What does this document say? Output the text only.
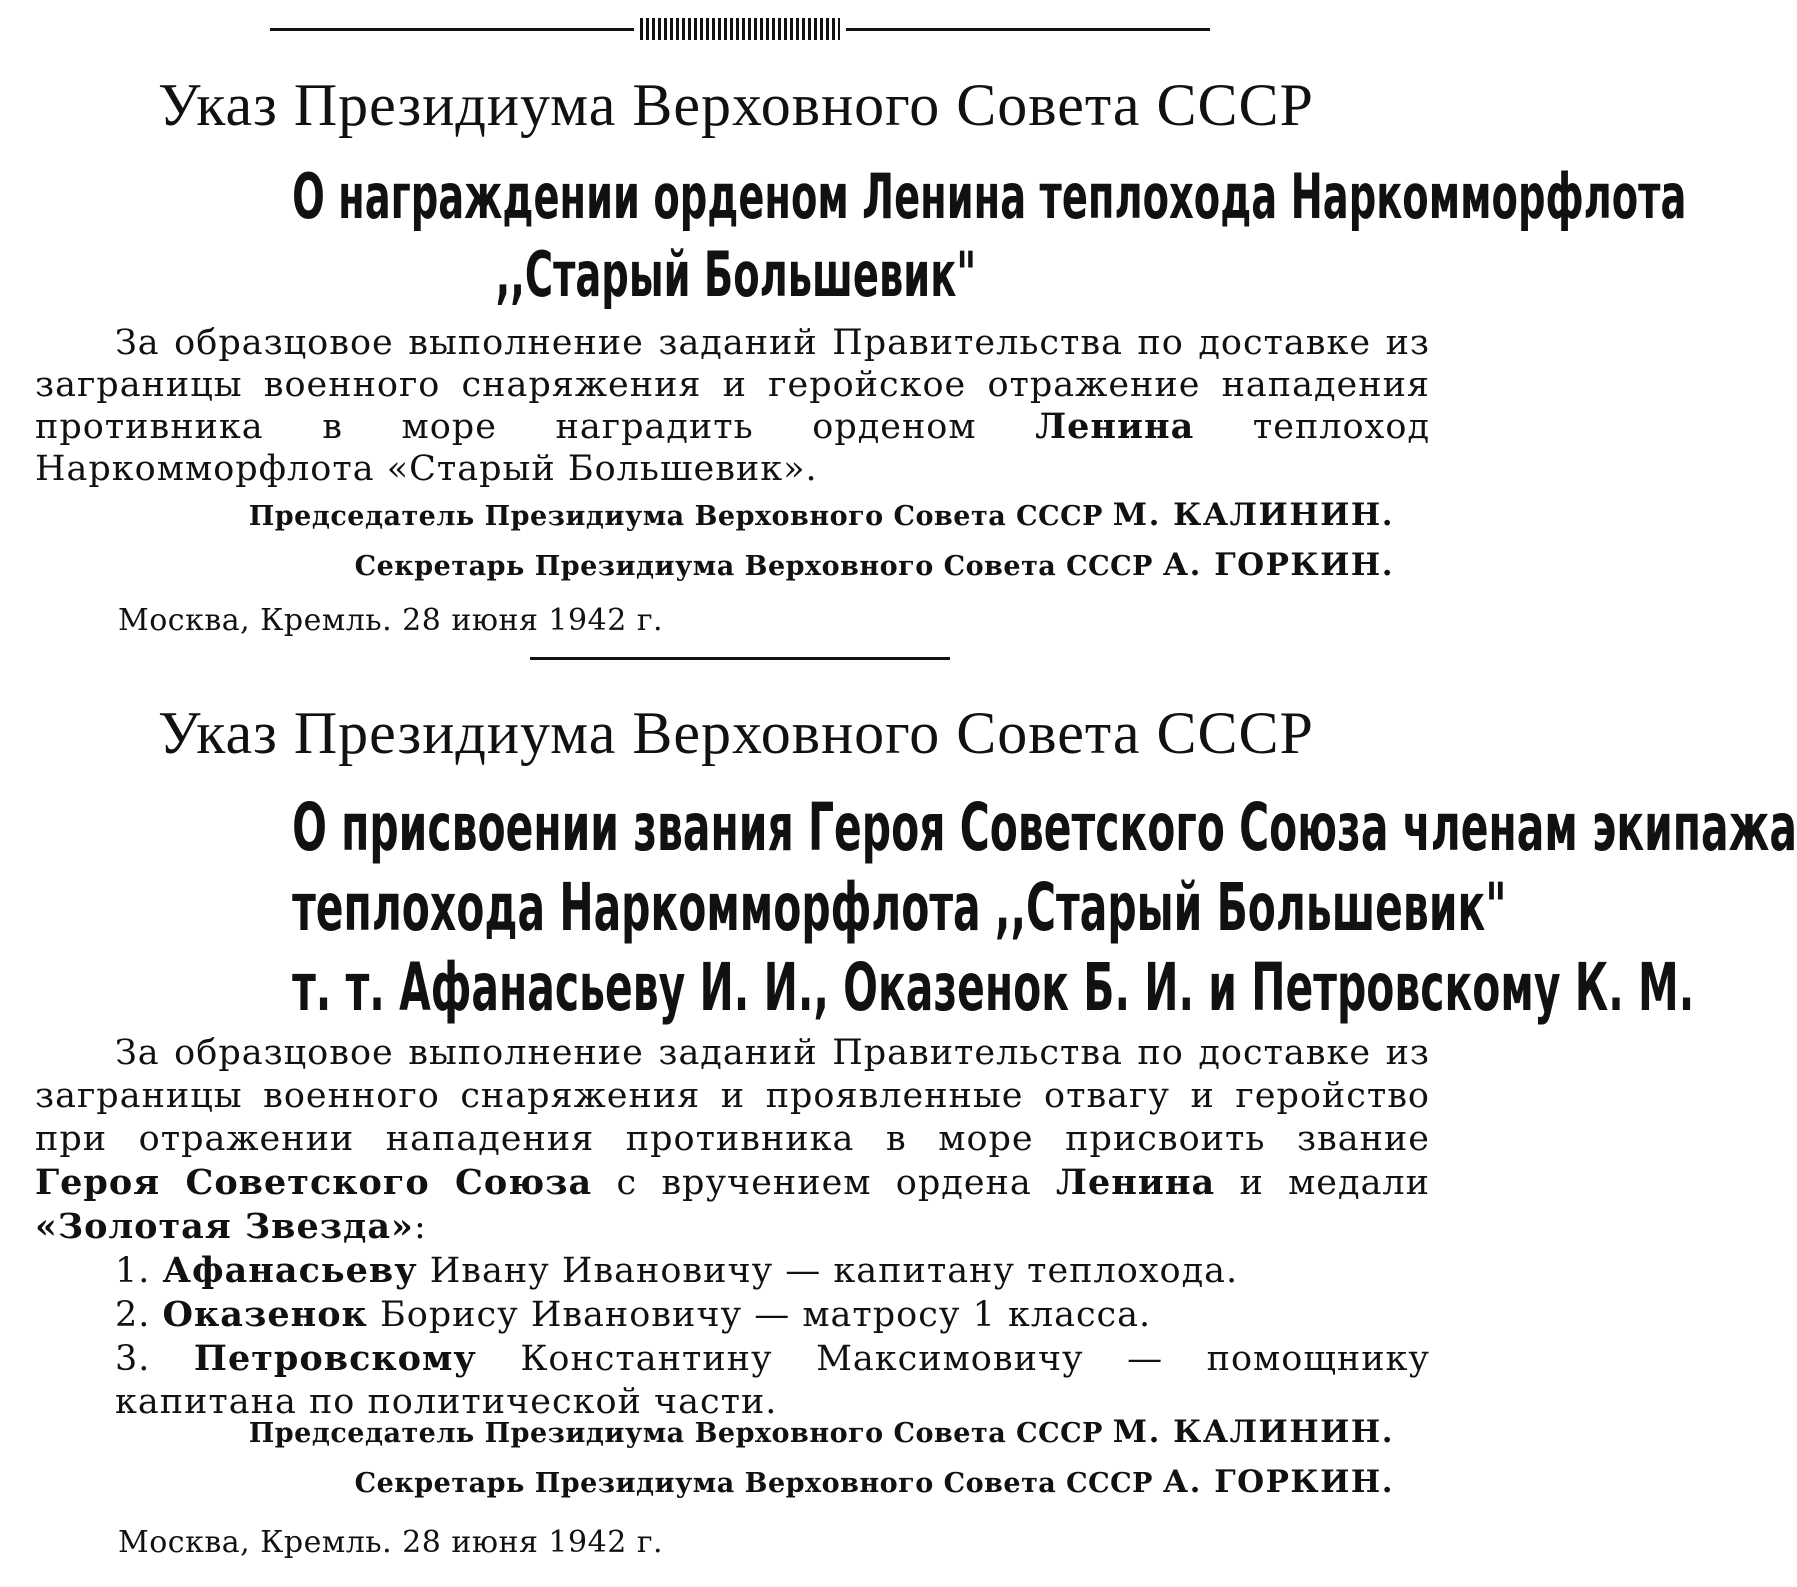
Указ Президиума Верховного Совета СССР
О награждении орденом Ленина теплохода Наркомморфлота
,,Старый Большевик"
За образцовое выполнение заданий Правительства по доставке из заграницы военного снаряжения и геройское отражение нападения противника в море наградить орденом Ленина теплоход Наркомморфлота «Старый Большевик».
Председатель Президиума Верховного Совета СССР М. КАЛИНИН.
Секретарь Президиума Верховного Совета СССР А. ГОРКИН.
Москва, Кремль. 28 июня 1942 г.
Указ Президиума Верховного Совета СССР
О присвоении звания Героя Советского Союза членам экипажа
теплохода Наркомморфлота ,,Старый Большевик"
т. т. Афанасьеву И. И., Оказенок Б. И. и Петровскому К. М.
За образцовое выполнение заданий Правительства по доставке из заграницы военного снаряжения и проявленные отвагу и геройство при отражении нападения противника в море присвоить звание Героя Советского Союза с вручением ордена Ленина и медали «Золотая Звезда»:
1. Афанасьеву Ивану Ивановичу — капитану теплохода.
2. Оказенок Борису Ивановичу — матросу 1 класса.
3. Петровскому Константину Максимовичу — помощнику капитана по политической части.
Председатель Президиума Верховного Совета СССР М. КАЛИНИН.
Секретарь Президиума Верховного Совета СССР А. ГОРКИН.
Москва, Кремль. 28 июня 1942 г.
